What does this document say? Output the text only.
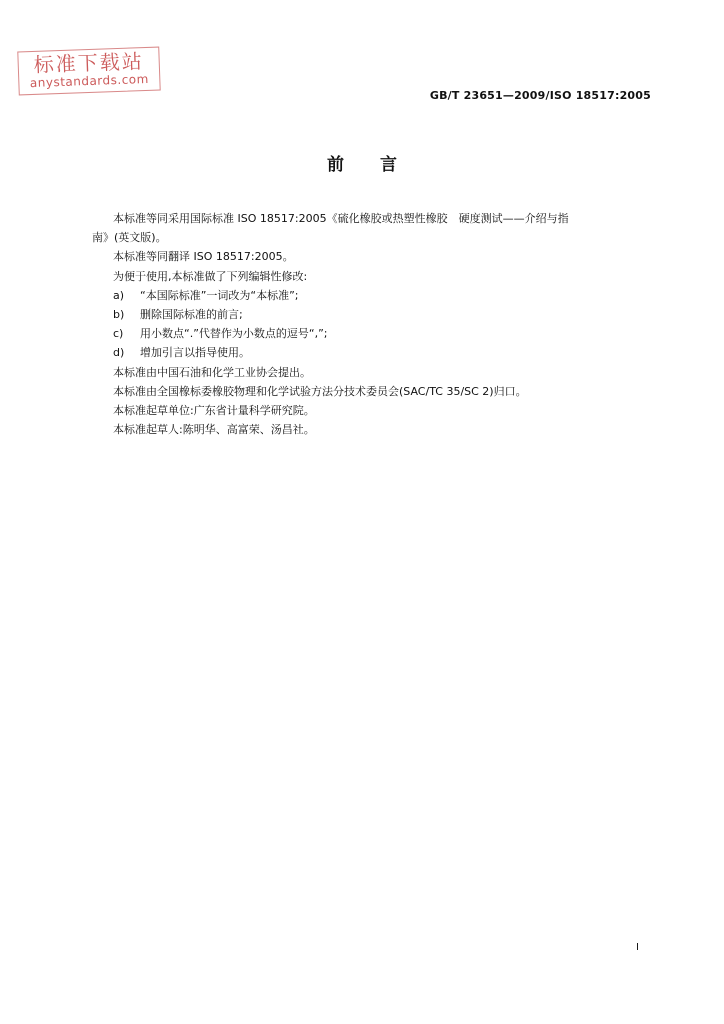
标准下载站
anystandards.com
GB/T 23651—2009/ISO 18517:2005
前言

本标准等同采用国际标准 ISO 18517:2005《硫化橡胶或热塑性橡胶　硬度测试——介绍与指

南》(英文版)。

本标准等同翻译 ISO 18517:2005。

为便于使用,本标准做了下列编辑性修改:

a)	“本国际标准”一词改为“本标准”;
b)	删除国际标准的前言;
c)	用小数点“.”代替作为小数点的逗号“,”;
d)	增加引言以指导使用。

本标准由中国石油和化学工业协会提出。

本标准由全国橡标委橡胶物理和化学试验方法分技术委员会(SAC/TC 35/SC 2)归口。

本标准起草单位:广东省计量科学研究院。

本标准起草人:陈明华、高富荣、汤昌社。

I
